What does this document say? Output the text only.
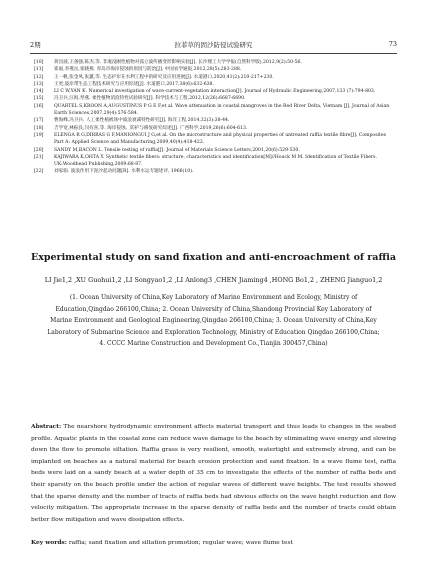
2期	拉菲草的固沙防侵试验研究	73
[10]	蒋昌波,王备强,陈杰,等. 非淹没刚性植物对孤立波传播变形影响实验[J]. 长沙理工大学学报(自然科学版),2012,9(2):50-56.
[11]	崔福,李燕岳,张晓燕. 青岛市海岸侵蚀的原因与防治[J]. 中国农学通报,2012,28(5):283-288.
[12]	王一帆,张金凤,张蕙,等. 生态护岸在水利工程中的研究及应用进展[J]. 水道港口,2020,41(2):210-217+230.
[13]	王更,波岸带生态工程技术研究与应用综述[J]. 水道港口,2017,38(6):632-638.
[14]	LI C W,YAN K. Numerical investigation of wave-current-vegetation interaction[J]. Journal of Hydraulic Engineering,2007,133 (7):794-803.
[15]	冯卫兵,汪海,琴燕. 柔性植物消浪特性试验研究[J]. 科学技术与工程,2012,12(26):6687-6690.
[16]	QUARTEL S,KROON A,AUGUSTINUS P G E F,et al. Wave attenuation in coastal mangroves in the Red River Delta, Vietnam [J]. Journal of Asian Earth Sciences,2007,29(4):576-584.
[17]	曹海峰,冯卫兵. 人工柔性植被场中波浪衰减特性研究[J]. 海洋工程,2014,32(3):38-44.
[18]	吉学宽,林振良,闫有喜,等. 海岸侵蚀、防护与修复研究综述[J]. 广西科学,2019,26(6):604-613.
[19]	ELENGA R G,DIRRAS G F,MANIONGUI J G,et al. On the microstructure and physical properties of untreated raffia textile fibre[J]. Composites Part A: Applied Science and Manufacturing,2009,40(4):418-422.
[20]	SANDY M,BACON L. Tensile testing of raffia[J]. Journal of Materials Science Letters,2001,20(6):529-530.
[21]	KAJIWARA K,OHTA Y. Synthetic textile fibers: structure, characteristics and identification[M]//Houck M M. Identification of Textile Fibers. UK:Woodhead Publishing,2009:68-87.
[22]	刘家驹. 波浪作用下泥沙起动问题[R]. 水利水运专题述评, 1966(10).
Experimental study on sand fixation and anti-encroachment of raffia
LI Jie1,2 ,XU Guohui1,2 ,LI Songyao1,2 ,LI Anlong3 ,CHEN Jiaming4 ,HONG Bo1,2 , ZHENG Jianguo1,2
(1. Ocean University of China,Key Laboratory of Marine Environment and Ecology, Ministry of Education,Qingdao 266100,China; 2. Ocean University of China,Shandong Provincial Key Laboratory of Marine Environment and Geological Engineering,Qingdao 266100,China; 3. Ocean University of China,Key Laboratory of Submarine Science and Exploration Technology, Ministry of Education Qingdao 266100,China; 4. CCCC Marine Construction and Development Co.,Tianjin 300457,China)
Abstract: The nearshore hydrodynamic environment affects material transport and thus leads to changes in the seabed profile. Aquatic plants in the coastal zone can reduce wave damage to the beach by eliminating wave energy and slowing down the flow to promote siltation. Raffia grass is very resilient, smooth, watertight and extremely strong, and can be implanted on beaches as a natural material for beach erosion protection and sand fixation. In a wave flume test, raffia beds were laid on a sandy beach at a water depth of 35 cm to investigate the effects of the number of raffia beds and their sparsity on the beach profile under the action of regular waves of different wave heights. The test results showed that the sparse density and the number of tracts of raffia beds had obvious effects on the wave height reduction and flow velocity mitigation. The appropriate increase in the sparse density of raffia beds and the number of tracts could obtain better flow mitigation and wave dissipation effects.
Key words: raffia; sand fixation and siltation promotion; regular wave; wave flume test
